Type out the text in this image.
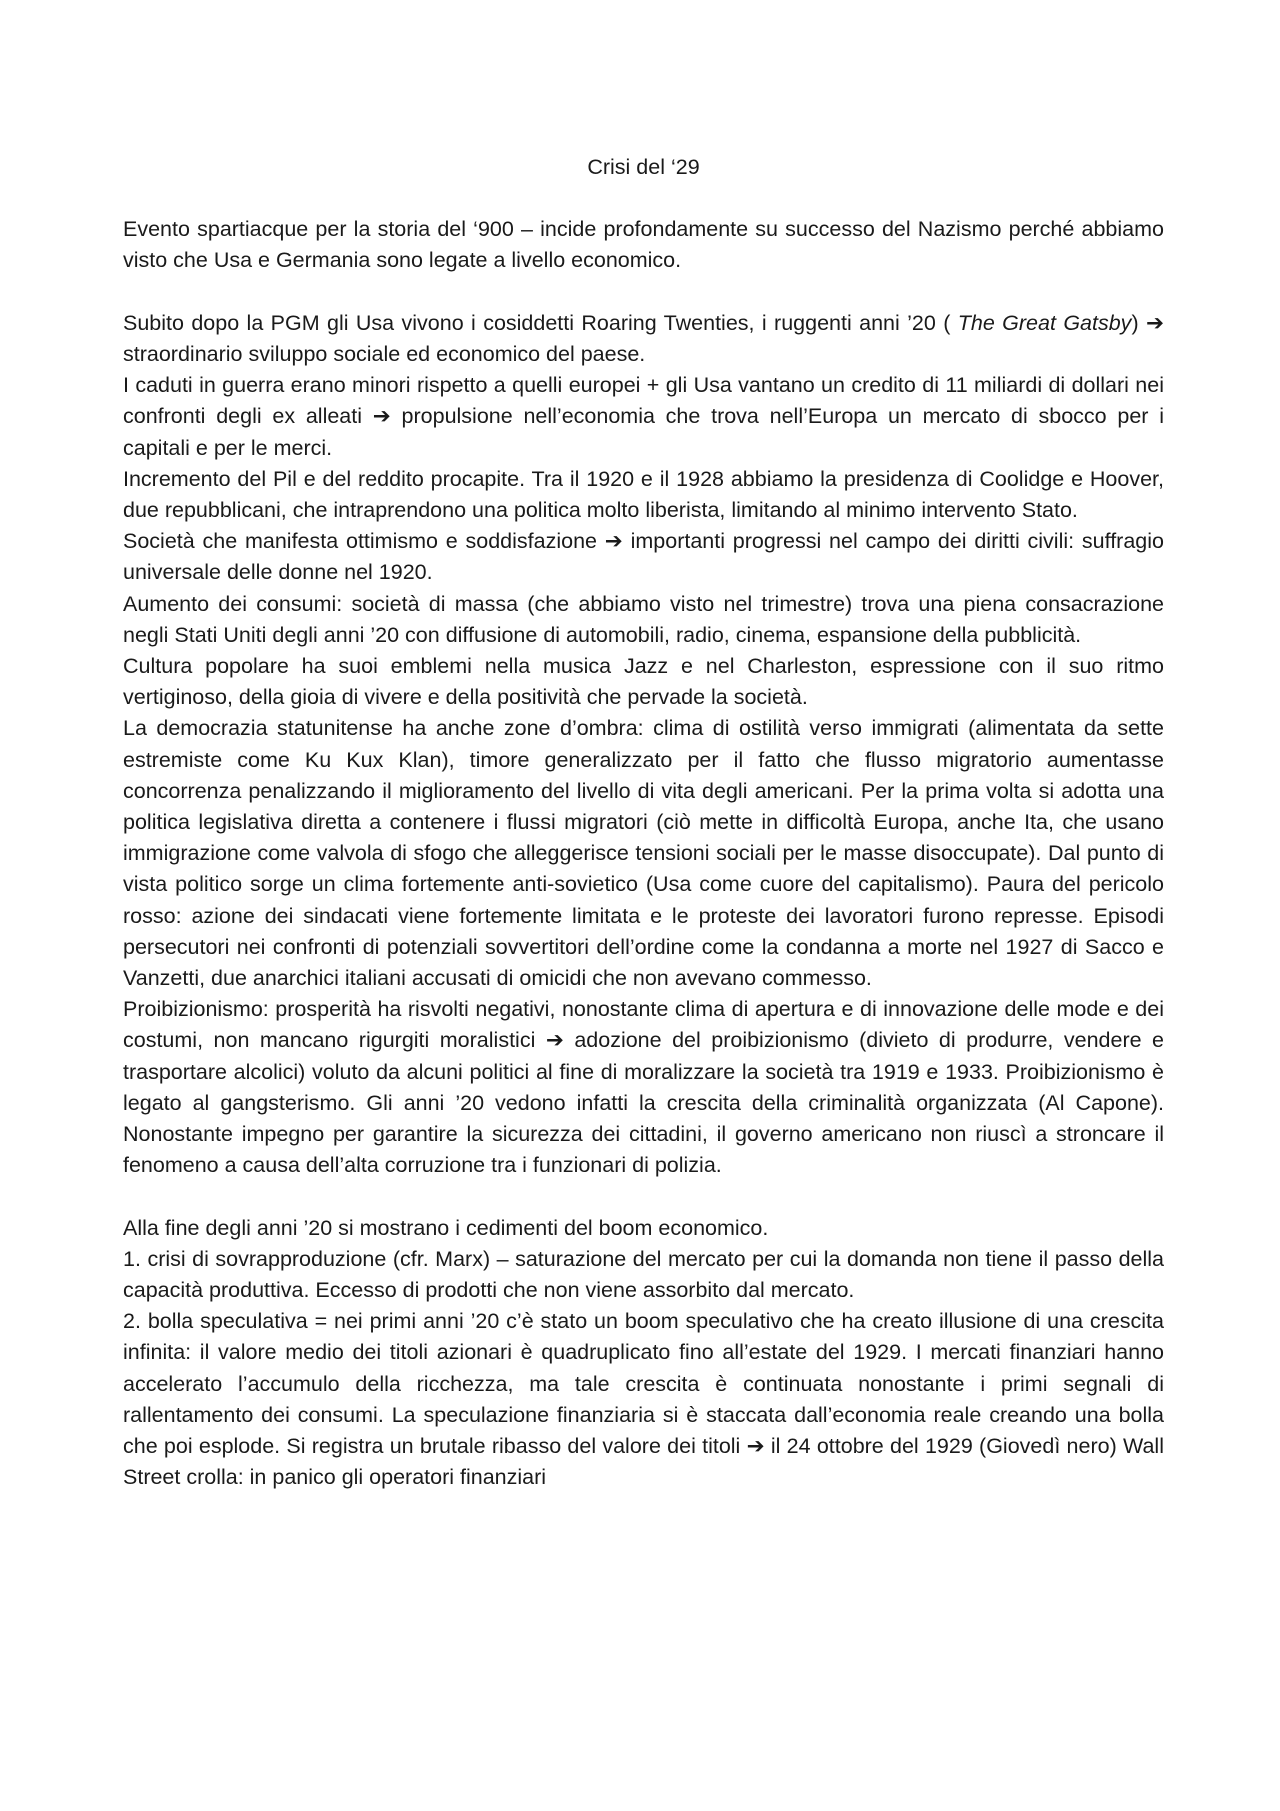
Crisi del ‘29

Evento spartiacque per la storia del ‘900 – incide profondamente su successo del Nazismo perché abbiamo visto che Usa e Germania sono legate a livello economico.

Subito dopo la PGM gli Usa vivono i cosiddetti Roaring Twenties, i ruggenti anni ’20 ( The Great Gatsby) ➔ straordinario sviluppo sociale ed economico del paese.

I caduti in guerra erano minori rispetto a quelli europei + gli Usa vantano un credito di 11 miliardi di dollari nei confronti degli ex alleati ➔ propulsione nell’economia che trova nell’Europa un mercato di sbocco per i capitali e per le merci.

Incremento del Pil e del reddito procapite. Tra il 1920 e il 1928 abbiamo la presidenza di Coolidge e Hoover, due repubblicani, che intraprendono una politica molto liberista, limitando al minimo intervento Stato.

Società che manifesta ottimismo e soddisfazione ➔ importanti progressi nel campo dei diritti civili: suffragio universale delle donne nel 1920.

Aumento dei consumi: società di massa (che abbiamo visto nel trimestre) trova una piena consacrazione negli Stati Uniti degli anni ’20 con diffusione di automobili, radio, cinema, espansione della pubblicità.

Cultura popolare ha suoi emblemi nella musica Jazz e nel Charleston, espressione con il suo ritmo vertiginoso, della gioia di vivere e della positività che pervade la società.

La democrazia statunitense ha anche zone d’ombra: clima di ostilità verso immigrati (alimentata da sette estremiste come Ku Kux Klan), timore generalizzato per il fatto che flusso migratorio aumentasse concorrenza penalizzando il miglioramento del livello di vita degli americani. Per la prima volta si adotta una politica legislativa diretta a contenere i flussi migratori (ciò mette in difficoltà Europa, anche Ita, che usano immigrazione come valvola di sfogo che alleggerisce tensioni sociali per le masse disoccupate). Dal punto di vista politico sorge un clima fortemente anti-sovietico (Usa come cuore del capitalismo). Paura del pericolo rosso: azione dei sindacati viene fortemente limitata e le proteste dei lavoratori furono represse. Episodi persecutori nei confronti di potenziali sovvertitori dell’ordine come la condanna a morte nel 1927 di Sacco e Vanzetti, due anarchici italiani accusati di omicidi che non avevano commesso.

Proibizionismo: prosperità ha risvolti negativi, nonostante clima di apertura e di innovazione delle mode e dei costumi, non mancano rigurgiti moralistici ➔ adozione del proibizionismo (divieto di produrre, vendere e trasportare alcolici) voluto da alcuni politici al fine di moralizzare la società tra 1919 e 1933. Proibizionismo è legato al gangsterismo. Gli anni ’20 vedono infatti la crescita della criminalità organizzata (Al Capone). Nonostante impegno per garantire la sicurezza dei cittadini, il governo americano non riuscì a stroncare il fenomeno a causa dell’alta corruzione tra i funzionari di polizia.

Alla fine degli anni ’20 si mostrano i cedimenti del boom economico.

1. crisi di sovrapproduzione (cfr. Marx) – saturazione del mercato per cui la domanda non tiene il passo della capacità produttiva. Eccesso di prodotti che non viene assorbito dal mercato.

2. bolla speculativa = nei primi anni ’20 c’è stato un boom speculativo che ha creato illusione di una crescita infinita: il valore medio dei titoli azionari è quadruplicato fino all’estate del 1929. I mercati finanziari hanno accelerato l’accumulo della ricchezza, ma tale crescita è continuata nonostante i primi segnali di rallentamento dei consumi. La speculazione finanziaria si è staccata dall’economia reale creando una bolla che poi esplode. Si registra un brutale ribasso del valore dei titoli ➔ il 24 ottobre del 1929 (Giovedì nero) Wall Street crolla: in panico gli operatori finanziari
